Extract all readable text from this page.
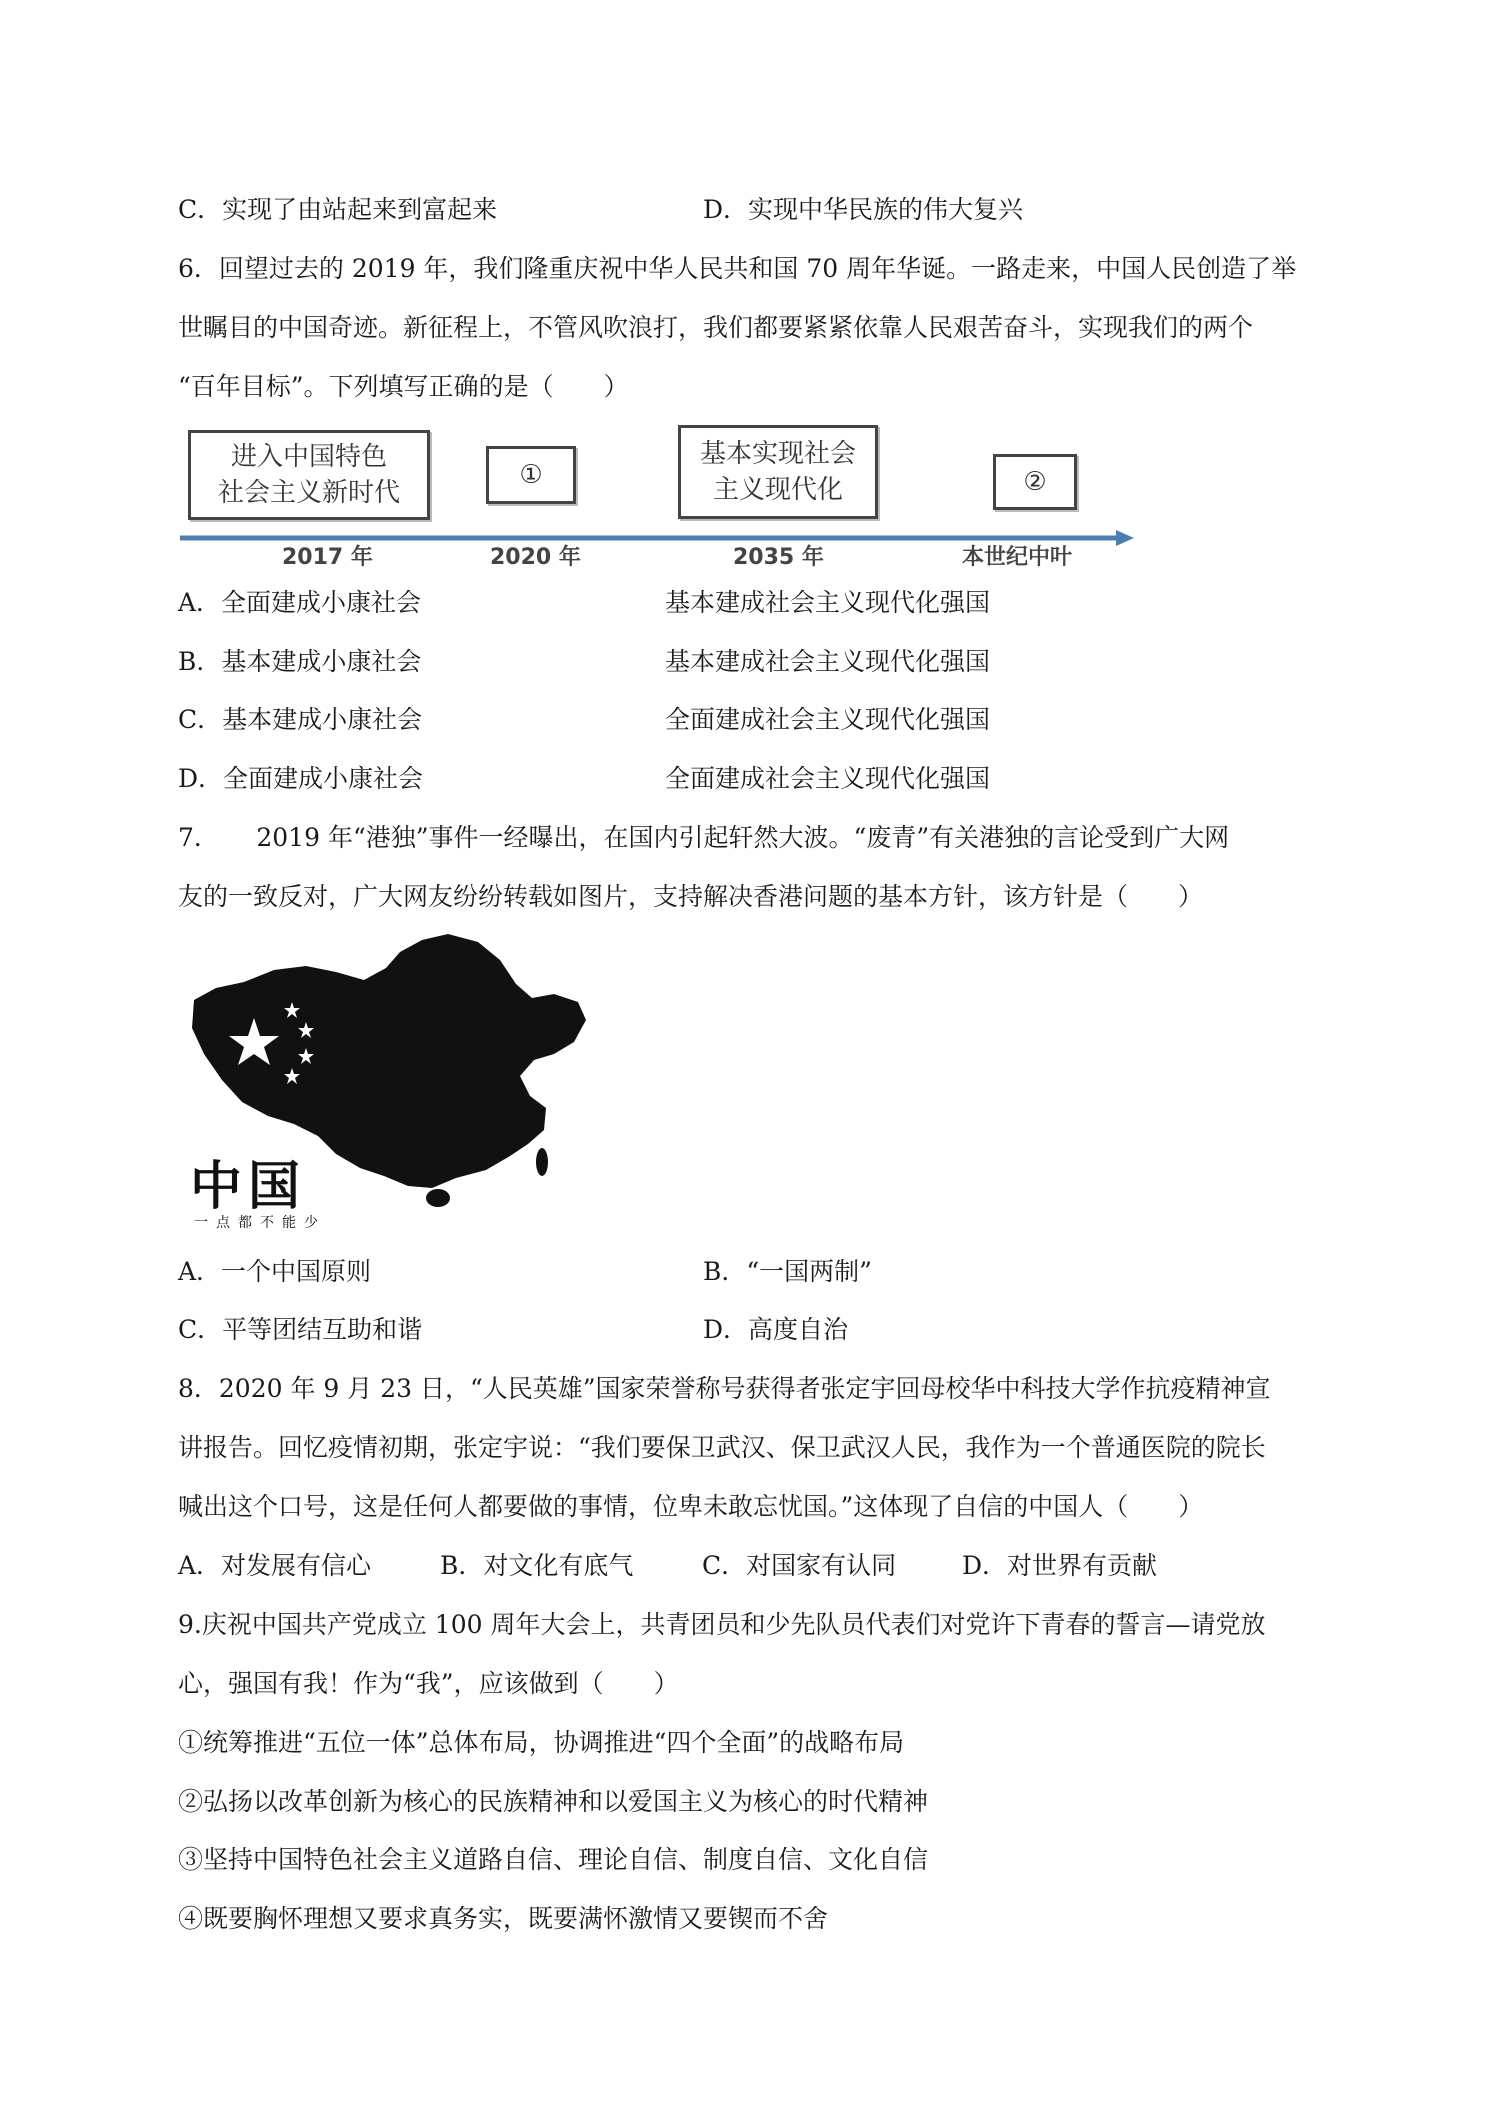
C．实现了由站起来到富起来	D．实现中华民族的伟大复兴
6．回望过去的 2019 年，我们隆重庆祝中华人民共和国 70 周年华诞。一路走来，中国人民创造了举
世瞩目的中国奇迹。新征程上，不管风吹浪打，我们都要紧紧依靠人民艰苦奋斗，实现我们的两个
“百年目标”。下列填写正确的是（　　）
进入中国特色
社会主义新时代
①
基本实现社会
主义现代化	②
2017 年	2020 年	2035 年	本世纪中叶
A．全面建成小康社会	基本建成社会主义现代化强国
B．基本建成小康社会	基本建成社会主义现代化强国
C．基本建成小康社会	全面建成社会主义现代化强国
D．全面建成小康社会	全面建成社会主义现代化强国
7．　　2019 年“港独”事件一经曝出，在国内引起轩然大波。“废青”有关港独的言论受到广大网
友的一致反对，广大网友纷纷转载如图片，支持解决香港问题的基本方针，该方针是（　　）
中国
一点都不能少
A．一个中国原则	B．“一国两制”
C．平等团结互助和谐	D．高度自治
8．2020 年 9 月 23 日，“人民英雄”国家荣誉称号获得者张定宇回母校华中科技大学作抗疫精神宣
讲报告。回忆疫情初期，张定宇说：“我们要保卫武汉、保卫武汉人民，我作为一个普通医院的院长
喊出这个口号，这是任何人都要做的事情，位卑未敢忘忧国。”这体现了自信的中国人（　　）
A．对发展有信心	B．对文化有底气	C．对国家有认同	D．对世界有贡献
9.庆祝中国共产党成立 100 周年大会上，共青团员和少先队员代表们对党许下青春的誓言—请党放
心，强国有我！作为“我”，应该做到（　　）
①统筹推进“五位一体”总体布局，协调推进“四个全面”的战略布局
②弘扬以改革创新为核心的民族精神和以爱国主义为核心的时代精神
③坚持中国特色社会主义道路自信、理论自信、制度自信、文化自信
④既要胸怀理想又要求真务实，既要满怀激情又要锲而不舍
